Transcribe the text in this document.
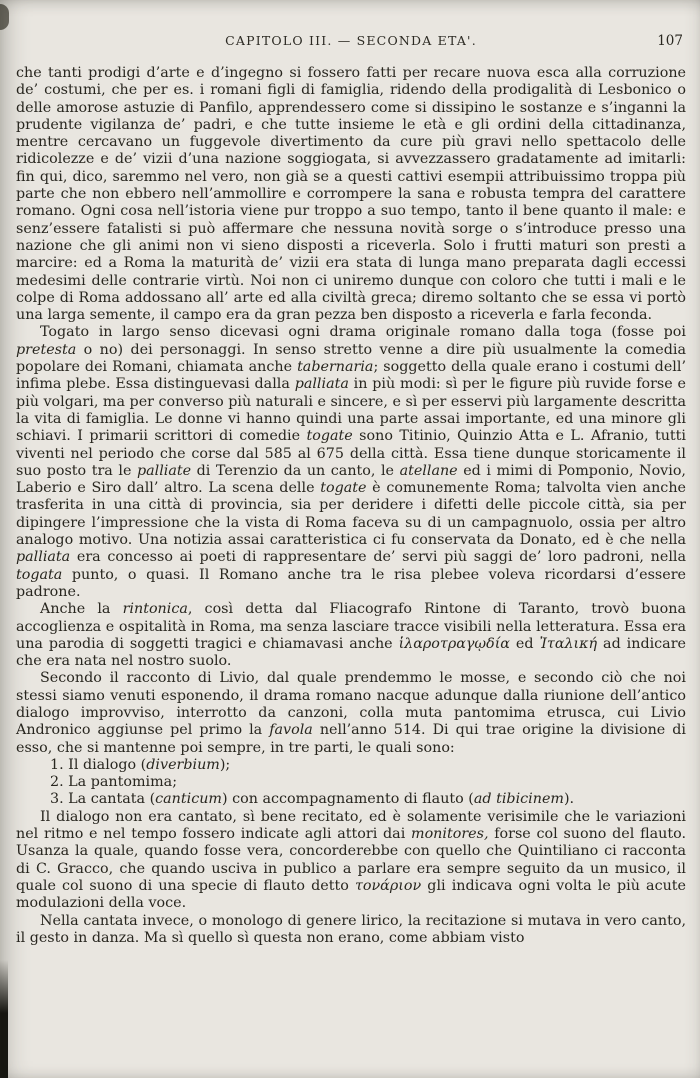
CAPITOLO III. — SECONDA ETA'.	107

che tanti prodigi d’arte e d’ingegno si fossero fatti per recare nuova esca alla corruzione de’ costumi, che per es. i romani figli di famiglia, ridendo della prodigalità di Lesbonico o delle amorose astuzie di Panfilo, apprendessero come si dissipino le sostanze e s’inganni la prudente vigilanza de’ padri, e che tutte insieme le età e gli ordini della cittadinanza, mentre cercavano un fuggevole divertimento da cure più gravi nello spettacolo delle ridicolezze e de’ vizii d’una nazione soggiogata, si avvezzassero gradatamente ad imitarli: fin qui, dico, saremmo nel vero, non già se a questi cattivi esempii attribuissimo troppa più parte che non ebbero nell’ammollire e corrompere la sana e robusta tempra del carattere romano. Ogni cosa nell’istoria viene pur troppo a suo tempo, tanto il bene quanto il male: e senz’essere fatalisti si può affermare che nessuna novità sorge o s’introduce presso una nazione che gli animi non vi sieno disposti a riceverla. Solo i frutti maturi son presti a marcire: ed a Roma la maturità de’ vizii era stata di lunga mano preparata dagli eccessi medesimi delle contrarie virtù. Noi non ci uniremo dunque con coloro che tutti i mali e le colpe di Roma addossano all’ arte ed alla civiltà greca; diremo soltanto che se essa vi portò una larga semente, il campo era da gran pezza ben disposto a riceverla e farla feconda.

Togato in largo senso dicevasi ogni drama originale romano dalla toga (fosse poi pretesta o no) dei personaggi. In senso stretto venne a dire più usualmente la comedia popolare dei Romani, chiamata anche tabernaria; soggetto della quale erano i costumi dell’ infima plebe. Essa distinguevasi dalla palliata in più modi: sì per le figure più ruvide forse e più volgari, ma per converso più naturali e sincere, e sì per esservi più largamente descritta la vita di famiglia. Le donne vi hanno quindi una parte assai importante, ed una minore gli schiavi. I primarii scrittori di comedie togate sono Titinio, Quinzio Atta e L. Afranio, tutti viventi nel periodo che corse dal 585 al 675 della città. Essa tiene dunque storicamente il suo posto tra le palliate di Terenzio da un canto, le atellane ed i mimi di Pomponio, Novio, Laberio e Siro dall’ altro. La scena delle togate è comunemente Roma; talvolta vien anche trasferita in una città di provincia, sia per deridere i difetti delle piccole città, sia per dipingere l’impressione che la vista di Roma faceva su di un campagnuolo, ossia per altro analogo motivo. Una notizia assai caratteristica ci fu conservata da Donato, ed è che nella palliata era concesso ai poeti di rappresentare de’ servi più saggi de’ loro padroni, nella togata punto, o quasi. Il Romano anche tra le risa plebee voleva ricordarsi d’essere padrone.

Anche la rintonica, così detta dal Fliacografo Rintone di Taranto, trovò buona accoglienza e ospitalità in Roma, ma senza lasciare tracce visibili nella letteratura. Essa era una parodia di soggetti tragici e chiamavasi anche ἱλαροτραγῳδία ed Ἰταλική ad indicare che era nata nel nostro suolo.

Secondo il racconto di Livio, dal quale prendemmo le mosse, e secondo ciò che noi stessi siamo venuti esponendo, il drama romano nacque adunque dalla riunione dell’antico dialogo improvviso, interrotto da canzoni, colla muta pantomima etrusca, cui Livio Andronico aggiunse pel primo la favola nell’anno 514. Di qui trae origine la divisione di esso, che si mantenne poi sempre, in tre parti, le quali sono:

1. Il dialogo (diverbium);

2. La pantomima;

3. La cantata (canticum) con accompagnamento di flauto (ad tibicinem).

Il dialogo non era cantato, sì bene recitato, ed è solamente verisimile che le variazioni nel ritmo e nel tempo fossero indicate agli attori dai monitores, forse col suono del flauto. Usanza la quale, quando fosse vera, concorderebbe con quello che Quintiliano ci racconta di C. Gracco, che quando usciva in publico a parlare era sempre seguito da un musico, il quale col suono di una specie di flauto detto τονάριον gli indicava ogni volta le più acute modulazioni della voce.

Nella cantata invece, o monologo di genere lirico, la recitazione si mutava in vero canto, il gesto in danza. Ma sì quello sì questa non erano, come abbiam visto
